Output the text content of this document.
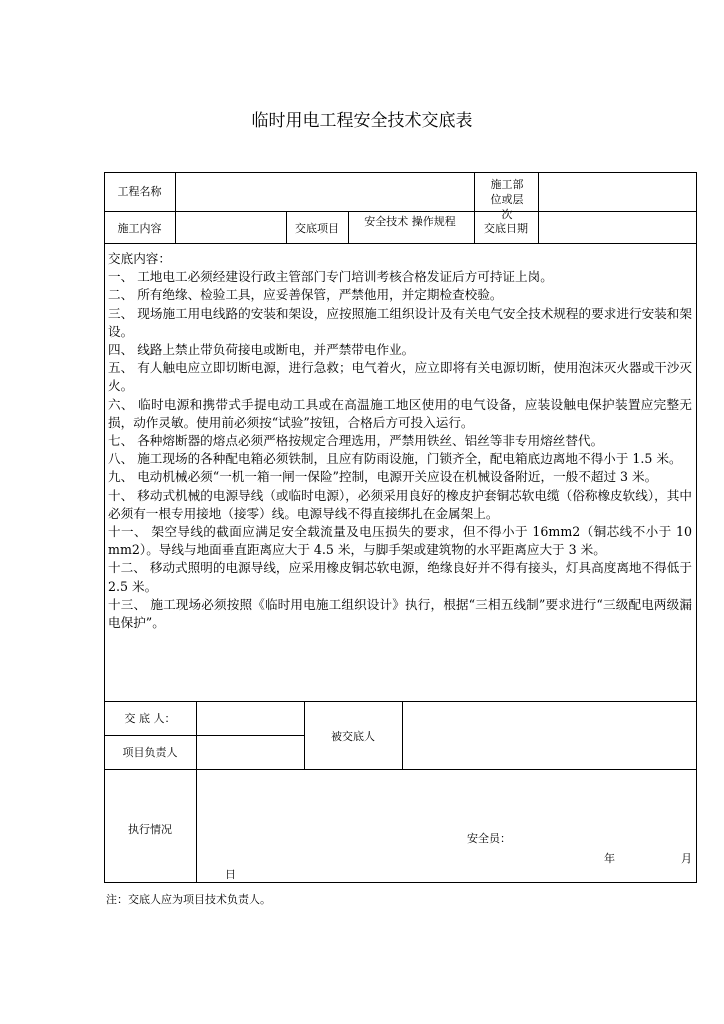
临时用电工程安全技术交底表
工程名称
施工部位或层次
施工内容	交底项目
安全技术 操作规程
交底日期

交底内容：

一、 工地电工必须经建设行政主管部门专门培训考核合格发证后方可持证上岗。

二、 所有绝缘、检验工具，应妥善保管，严禁他用，并定期检查校验。

三、 现场施工用电线路的安装和架设，应按照施工组织设计及有关电气安全技术规程的要求进行安装和架设。

四、 线路上禁止带负荷接电或断电，并严禁带电作业。

五、 有人触电应立即切断电源，进行急救；电气着火，应立即将有关电源切断，使用泡沫灭火器或干沙灭火。

六、 临时电源和携带式手提电动工具或在高温施工地区使用的电气设备，应装设触电保护装置应完整无损，动作灵敏。使用前必须按“试验”按钮，合格后方可投入运行。

七、 各种熔断器的熔点必须严格按规定合理选用，严禁用铁丝、铝丝等非专用熔丝替代。

八、 施工现场的各种配电箱必须铁制，且应有防雨设施，门锁齐全，配电箱底边离地不得小于 1.5 米。

九、 电动机械必须“一机一箱一闸一保险”控制，电源开关应设在机械设备附近，一般不超过 3 米。

十、 移动式机械的电源导线（或临时电源），必须采用良好的橡皮护套铜芯软电缆（俗称橡皮软线），其中必须有一根专用接地（接零）线。电源导线不得直接绑扎在金属架上。

十一、 架空导线的截面应满足安全载流量及电压损失的要求，但不得小于 16mm2（铜芯线不小于 10 mm2）。导线与地面垂直距离应大于 4.5 米，与脚手架或建筑物的水平距离应大于 3 米。

十二、 移动式照明的电源导线，应采用橡皮铜芯软电源，绝缘良好并不得有接头，灯具高度离地不得低于 2.5 米。

十三、 施工现场必须按照《临时用电施工组织设计》执行，根据“三相五线制”要求进行“三级配电两级漏电保护”。

交 底 人：
项目负责人
被交底人
执行情况
安全员：
年	月
日
注：交底人应为项目技术负责人。
